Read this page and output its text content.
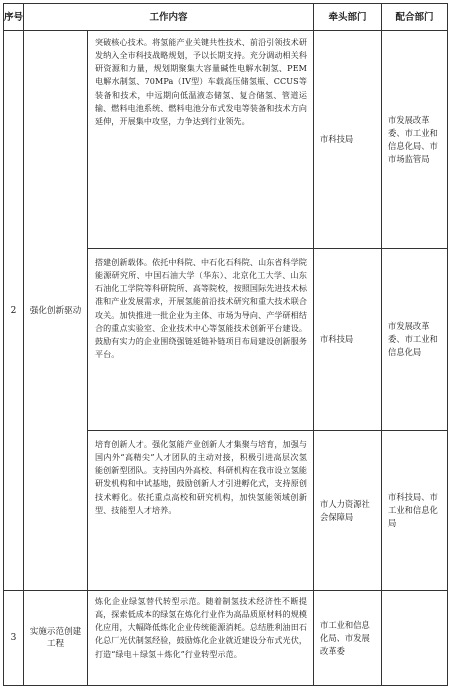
序号	工作内容		牵头部门	配合部门
2	强化创新驱动	突破核心技术。将氢能产业关键共性技术、前沿引领技术研发纳入全市科技战略规划，予以长期支持。充分调动相关科研资源和力量，规划期聚集大容量碱性电解水制氢、PEM电解水制氢、70MPa（IV型）车载高压储氢瓶、CCUS等装备和技术，中远期向低温液态储氢、复合储氢、管道运输、燃料电池系统、燃料电池分布式发电等装备和技术方向延伸，开展集中攻坚，力争达到行业领先。	市科技局	市发展改革委、市工业和信息化局、市市场监管局
		搭建创新载体。依托中科院、中石化石科院、山东省科学院能源研究所、中国石油大学（华东）、北京化工大学、山东石油化工学院等科研院所、高等院校，按照国际先进技术标准和产业发展需求，开展氢能前沿技术研究和重大技术联合攻关。加快推进一批企业为主体、市场为导向、产学研相结合的重点实验室、企业技术中心等氢能技术创新平台建设。鼓励有实力的企业围绕强链延链补链项目布局建设创新服务平台。	市科技局	市发展改革委、市工业和信息化局
		培育创新人才。强化氢能产业创新人才集聚与培育，加强与国内外“高精尖”人才团队的主动对接，积极引进高层次氢能创新型团队。支持国内外高校、科研机构在我市设立氢能研发机构和中试基地，鼓励创新人才引进孵化式，支持原创技术孵化。依托重点高校和研究机构，加快氢能领域创新型、技能型人才培养。	市人力资源社会保障局	市科技局、市工业和信息化局
3	实施示范创建工程	炼化企业绿氢替代转型示范。随着制氢技术经济性不断提高，探索低成本的绿氢在炼化行业作为高品质原材料的规模化应用，大幅降低炼化企业传统能源消耗。总结胜利油田石化总厂光伏制氢经验，鼓励炼化企业就近建设分布式光伏，打造“绿电＋绿氢＋炼化”行业转型示范。	市工业和信息化局、市发展改革委	
